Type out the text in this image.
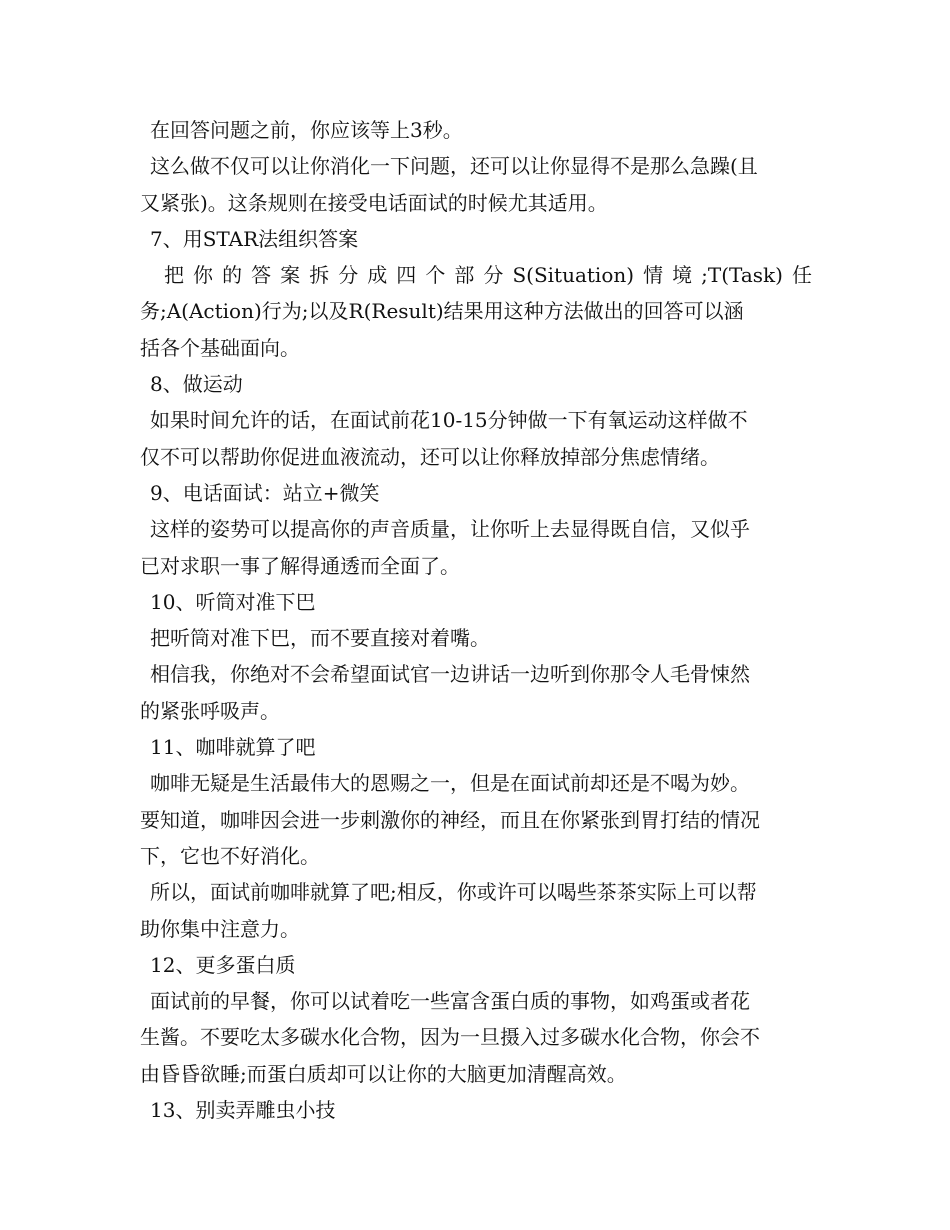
在回答问题之前，你应该等上3秒。
这么做不仅可以让你消化一下问题，还可以让你显得不是那么急躁(且
又紧张)。这条规则在接受电话面试的时候尤其适用。
7、用STAR法组织答案
把你的答案拆分成四个部分S(Situation)情境;T(Task)任
务;A(Action)行为;以及R(Result)结果用这种方法做出的回答可以涵
括各个基础面向。
8、做运动
如果时间允许的话，在面试前花10-15分钟做一下有氧运动这样做不
仅不可以帮助你促进血液流动，还可以让你释放掉部分焦虑情绪。
9、电话面试：站立+微笑
这样的姿势可以提高你的声音质量，让你听上去显得既自信，又似乎
已对求职一事了解得通透而全面了。
10、听筒对准下巴
把听筒对准下巴，而不要直接对着嘴。
相信我，你绝对不会希望面试官一边讲话一边听到你那令人毛骨悚然
的紧张呼吸声。
11、咖啡就算了吧
咖啡无疑是生活最伟大的恩赐之一，但是在面试前却还是不喝为妙。
要知道，咖啡因会进一步刺激你的神经，而且在你紧张到胃打结的情况
下，它也不好消化。
所以，面试前咖啡就算了吧;相反，你或许可以喝些茶茶实际上可以帮
助你集中注意力。
12、更多蛋白质
面试前的早餐，你可以试着吃一些富含蛋白质的事物，如鸡蛋或者花
生酱。不要吃太多碳水化合物，因为一旦摄入过多碳水化合物，你会不
由昏昏欲睡;而蛋白质却可以让你的大脑更加清醒高效。
13、别卖弄雕虫小技
